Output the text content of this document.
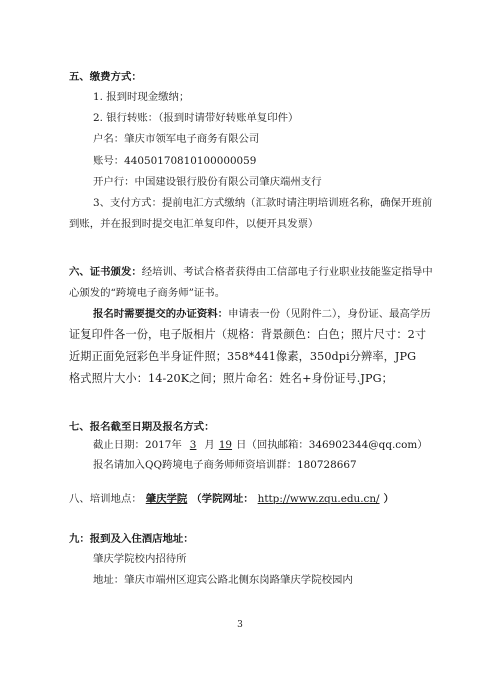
五、缴费方式：
1. 报到时现金缴纳；
2. 银行转账：（报到时请带好转账单复印件）
户名：肇庆市领军电子商务有限公司
账号：44050170810100000059
开户行：中国建设银行股份有限公司肇庆端州支行
3、支付方式：提前电汇方式缴纳（汇款时请注明培训班名称，确保开班前
到账，并在报到时提交电汇单复印件，以便开具发票）
六、证书颁发：经培训、考试合格者获得由工信部电子行业职业技能鉴定指导中
心颁发的“跨境电子商务师”证书。
报名时需要提交的办证资料：申请表一份（见附件二），身份证、最高学历
证复印件各一份，电子版相片（规格：背景颜色：白色；照片尺寸：2寸
近期正面免冠彩色半身证件照；358*441像素，350dpi分辨率，JPG
格式照片大小：14-20K之间；照片命名：姓名+身份证号.JPG；
七、报名截至日期及报名方式：
截止日期：2017年 3 月 19 日（回执邮箱：346902344@qq.com）
报名请加入QQ跨境电子商务师师资培训群：180728667
八、培训地点： 肇庆学院 （学院网址： http://www.zqu.edu.cn/ ）
九：报到及入住酒店地址：
肇庆学院校内招待所
地址：肇庆市端州区迎宾公路北侧东岗路肇庆学院校园内
3
